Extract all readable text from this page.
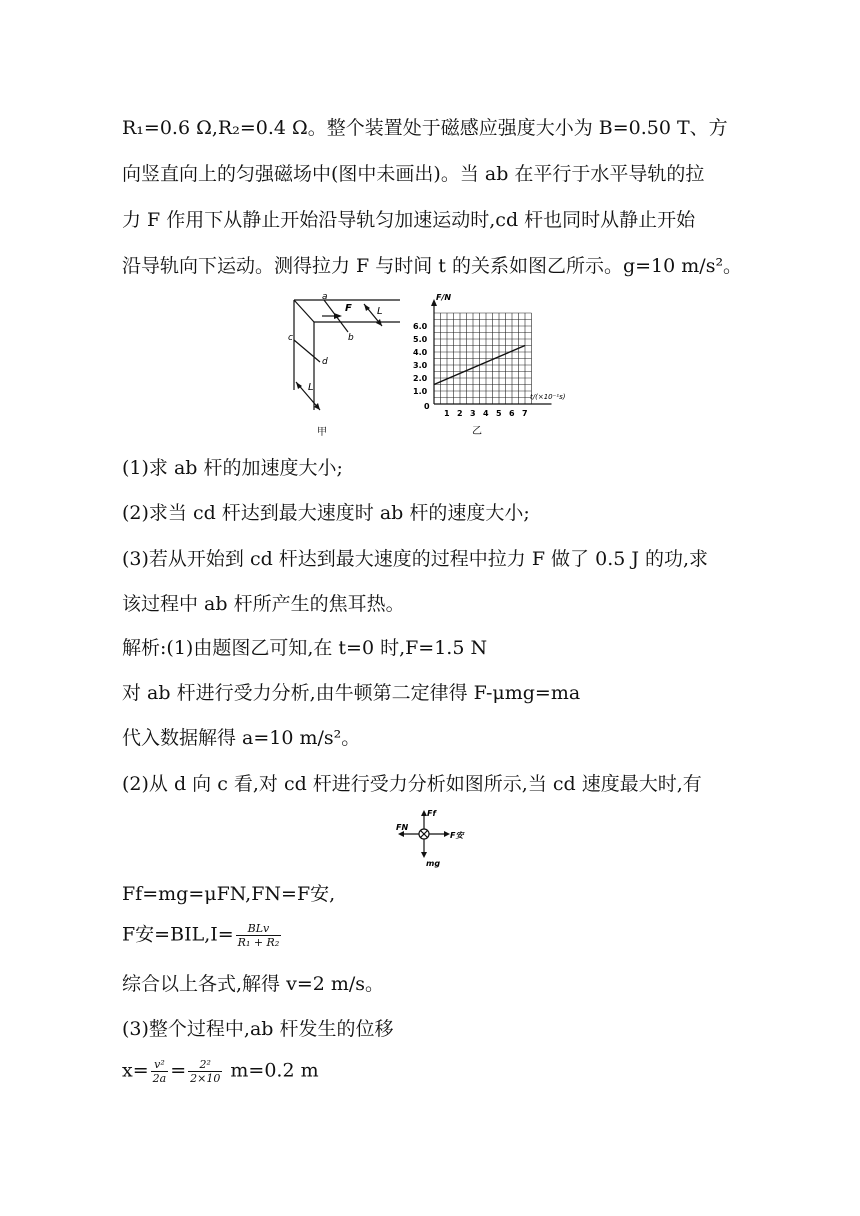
R₁=0.6 Ω,R₂=0.4 Ω。整个装置处于磁感应强度大小为 B=0.50 T、方
向竖直向上的匀强磁场中(图中未画出)。当 ab 在平行于水平导轨的拉
力 F 作用下从静止开始沿导轨匀加速运动时,cd 杆也同时从静止开始
沿导轨向下运动。测得拉力 F 与时间 t 的关系如图乙所示。g=10 m/s²。
a
b
c
d
F	L
L
甲
1 2 3 4 5 6 7
1.0
2.0
3.0
4.0
5.0
6.0
F/N
t/(×10⁻¹s)
0
乙
(1)求 ab 杆的加速度大小;
(2)求当 cd 杆达到最大速度时 ab 杆的速度大小;
(3)若从开始到 cd 杆达到最大速度的过程中拉力 F 做了 0.5 J 的功,求
该过程中 ab 杆所产生的焦耳热。
解析:(1)由题图乙可知,在 t=0 时,F=1.5 N
对 ab 杆进行受力分析,由牛顿第二定律得 F-μmg=ma
代入数据解得 a=10 m/s²。
(2)从 d 向 c 看,对 cd 杆进行受力分析如图所示,当 cd 速度最大时,有
Ff
FN
F安
mg
Ff=mg=μFN,FN=F安,
F安$=BIL,I= \frac{\text{BLv}}{\text{R₁ + R₂}}$
综合以上各式,解得 v=2 m/s。
(3)整个过程中,ab 杆发生的位移
$x= \frac{\text{v²}}{2a} = \frac{\text{2²}}{2\times 10} m=0.2$ m
